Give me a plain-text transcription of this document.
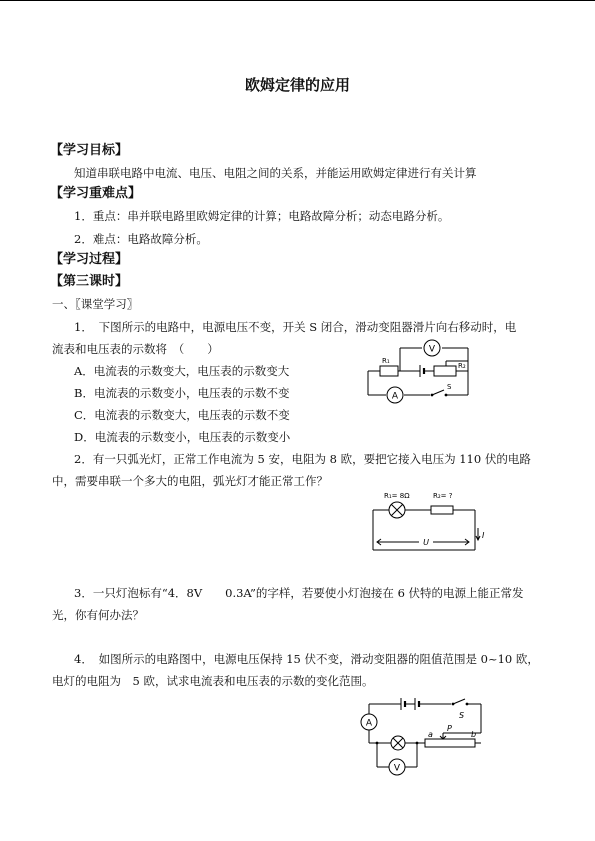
欧姆定律的应用
【学习目标】
知道串联电路中电流、电压、电阻之间的关系，并能运用欧姆定律进行有关计算
【学习重难点】
1．重点：串并联电路里欧姆定律的计算；电路故障分析；动态电路分析。
2．难点：电路故障分析。
【学习过程】
【第三课时】
一、〖课堂学习〗
1．　下图所示的电路中，电源电压不变，开关 S 闭合，滑动变阻器滑片向右移动时，电
流表和电压表的示数将　（　　）
A．电流表的示数变大，电压表的示数变大
B．电流表的示数变小，电压表的示数不变
C．电流表的示数变大，电压表的示数不变
D．电流表的示数变小，电压表的示数变小
V
A
R₁
R₂
S
2．有一只弧光灯，正常工作电流为 5 安，电阻为 8 欧，要把它接入电压为 110 伏的电路
中，需要串联一个多大的电阻，弧光灯才能正常工作？
R₁= 8Ω	R₂= ?
U
I
3．一只灯泡标有“4．8V　　0.3A”的字样，若要使小灯泡接在 6 伏特的电源上能正常发
光，你有何办法？
4．　如图所示的电路图中，电源电压保持 15 伏不变，滑动变阻器的阻值范围是 0~10 欧，
电灯的电阻为　5 欧，试求电流表和电压表的示数的变化范围。
A
V
S
P
a	b
